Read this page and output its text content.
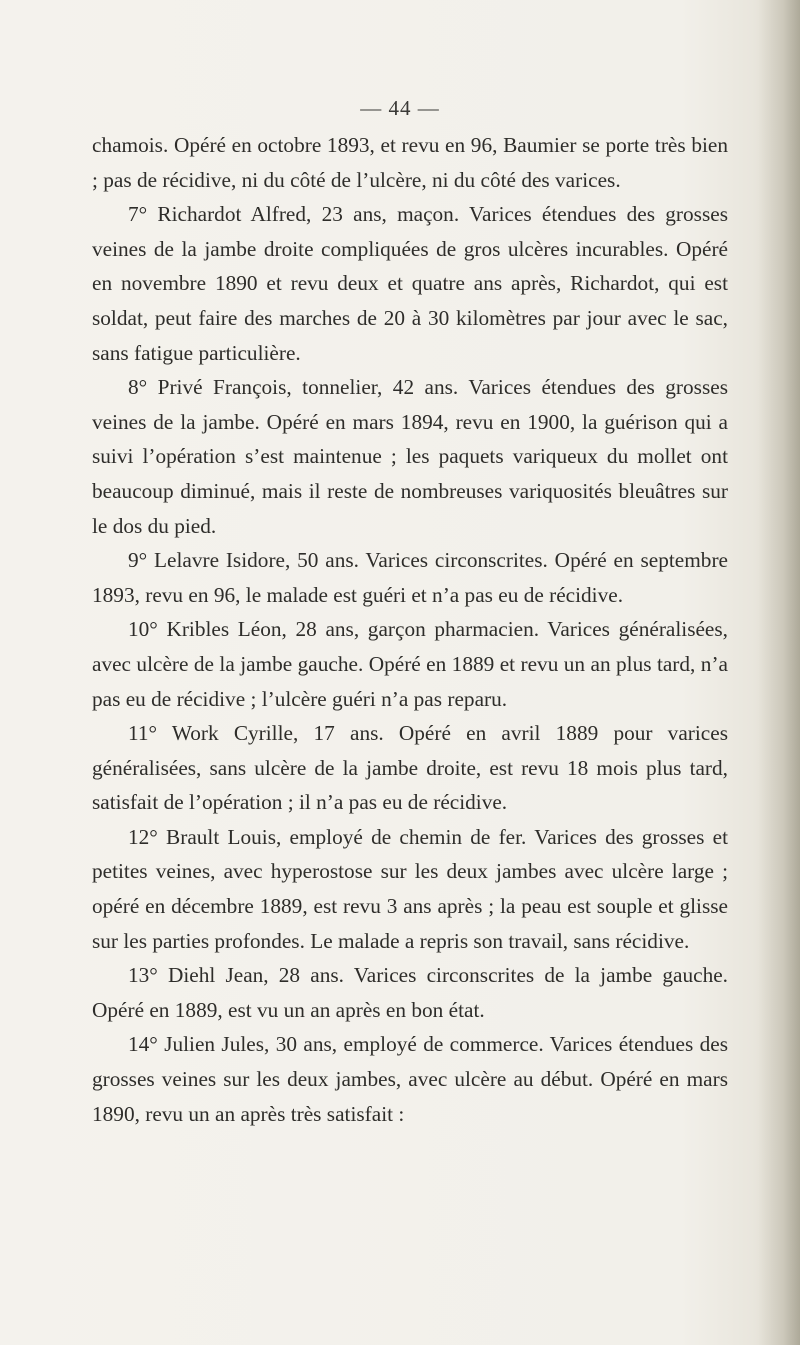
— 44 —

chamois. Opéré en octobre 1893, et revu en 96, Baumier se porte très bien ; pas de récidive, ni du côté de l’ulcère, ni du côté des varices.

7° Richardot Alfred, 23 ans, maçon. Varices étendues des grosses veines de la jambe droite compliquées de gros ulcères incurables. Opéré en novembre 1890 et revu deux et quatre ans après, Richardot, qui est soldat, peut faire des marches de 20 à 30 kilomètres par jour avec le sac, sans fatigue particulière.

8° Privé François, tonnelier, 42 ans. Varices étendues des grosses veines de la jambe. Opéré en mars 1894, revu en 1900, la guérison qui a suivi l’opération s’est maintenue ; les paquets variqueux du mollet ont beaucoup diminué, mais il reste de nombreuses variquosités bleuâtres sur le dos du pied.

9° Lelavre Isidore, 50 ans. Varices circonscrites. Opéré en septembre 1893, revu en 96, le malade est guéri et n’a pas eu de récidive.

10° Kribles Léon, 28 ans, garçon pharmacien. Varices généralisées, avec ulcère de la jambe gauche. Opéré en 1889 et revu un an plus tard, n’a pas eu de récidive ; l’ulcère guéri n’a pas reparu.

11° Work Cyrille, 17 ans. Opéré en avril 1889 pour varices généralisées, sans ulcère de la jambe droite, est revu 18 mois plus tard, satisfait de l’opération ; il n’a pas eu de récidive.

12° Brault Louis, employé de chemin de fer. Varices des grosses et petites veines, avec hyperostose sur les deux jambes avec ulcère large ; opéré en décembre 1889, est revu 3 ans après ; la peau est souple et glisse sur les parties profondes. Le malade a repris son travail, sans récidive.

13° Diehl Jean, 28 ans. Varices circonscrites de la jambe gauche. Opéré en 1889, est vu un an après en bon état.

14° Julien Jules, 30 ans, employé de commerce. Varices étendues des grosses veines sur les deux jambes, avec ulcère au début. Opéré en mars 1890, revu un an après très satisfait :
